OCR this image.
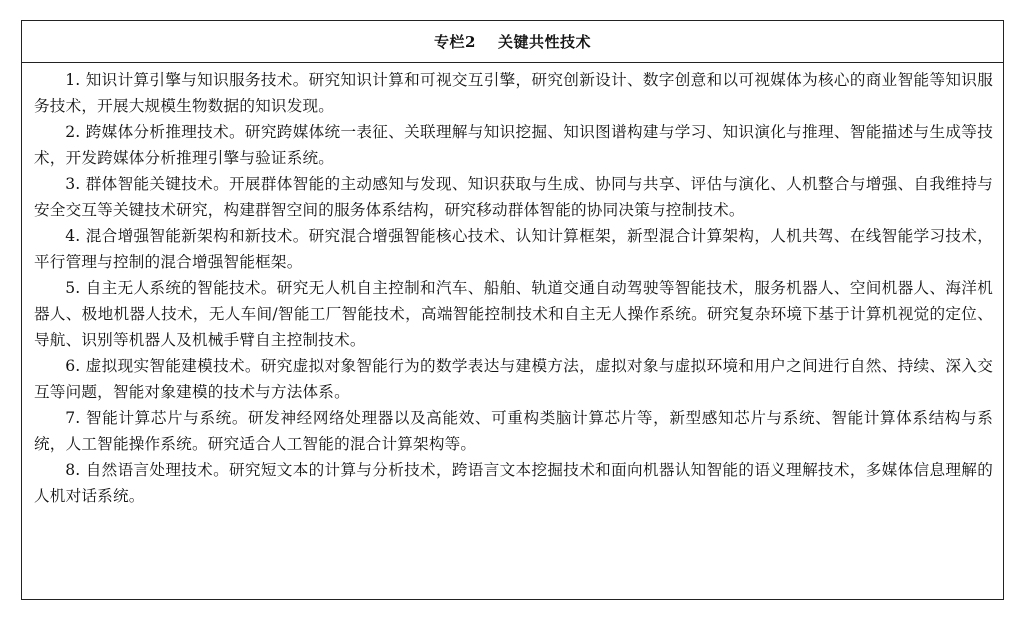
专栏2 关键共性技术

1. 知识计算引擎与知识服务技术。研究知识计算和可视交互引擎，研究创新设计、数字创意和以可视媒体为核心的商业智能等知识服务技术，开展大规模生物数据的知识发现。

2. 跨媒体分析推理技术。研究跨媒体统一表征、关联理解与知识挖掘、知识图谱构建与学习、知识演化与推理、智能描述与生成等技术，开发跨媒体分析推理引擎与验证系统。

3. 群体智能关键技术。开展群体智能的主动感知与发现、知识获取与生成、协同与共享、评估与演化、人机整合与增强、自我维持与安全交互等关键技术研究，构建群智空间的服务体系结构，研究移动群体智能的协同决策与控制技术。

4. 混合增强智能新架构和新技术。研究混合增强智能核心技术、认知计算框架，新型混合计算架构，人机共驾、在线智能学习技术，平行管理与控制的混合增强智能框架。

5. 自主无人系统的智能技术。研究无人机自主控制和汽车、船舶、轨道交通自动驾驶等智能技术，服务机器人、空间机器人、海洋机器人、极地机器人技术，无人车间/智能工厂智能技术，高端智能控制技术和自主无人操作系统。研究复杂环境下基于计算机视觉的定位、导航、识别等机器人及机械手臂自主控制技术。

6. 虚拟现实智能建模技术。研究虚拟对象智能行为的数学表达与建模方法，虚拟对象与虚拟环境和用户之间进行自然、持续、深入交互等问题，智能对象建模的技术与方法体系。

7. 智能计算芯片与系统。研发神经网络处理器以及高能效、可重构类脑计算芯片等，新型感知芯片与系统、智能计算体系结构与系统，人工智能操作系统。研究适合人工智能的混合计算架构等。

8. 自然语言处理技术。研究短文本的计算与分析技术，跨语言文本挖掘技术和面向机器认知智能的语义理解技术，多媒体信息理解的人机对话系统。
